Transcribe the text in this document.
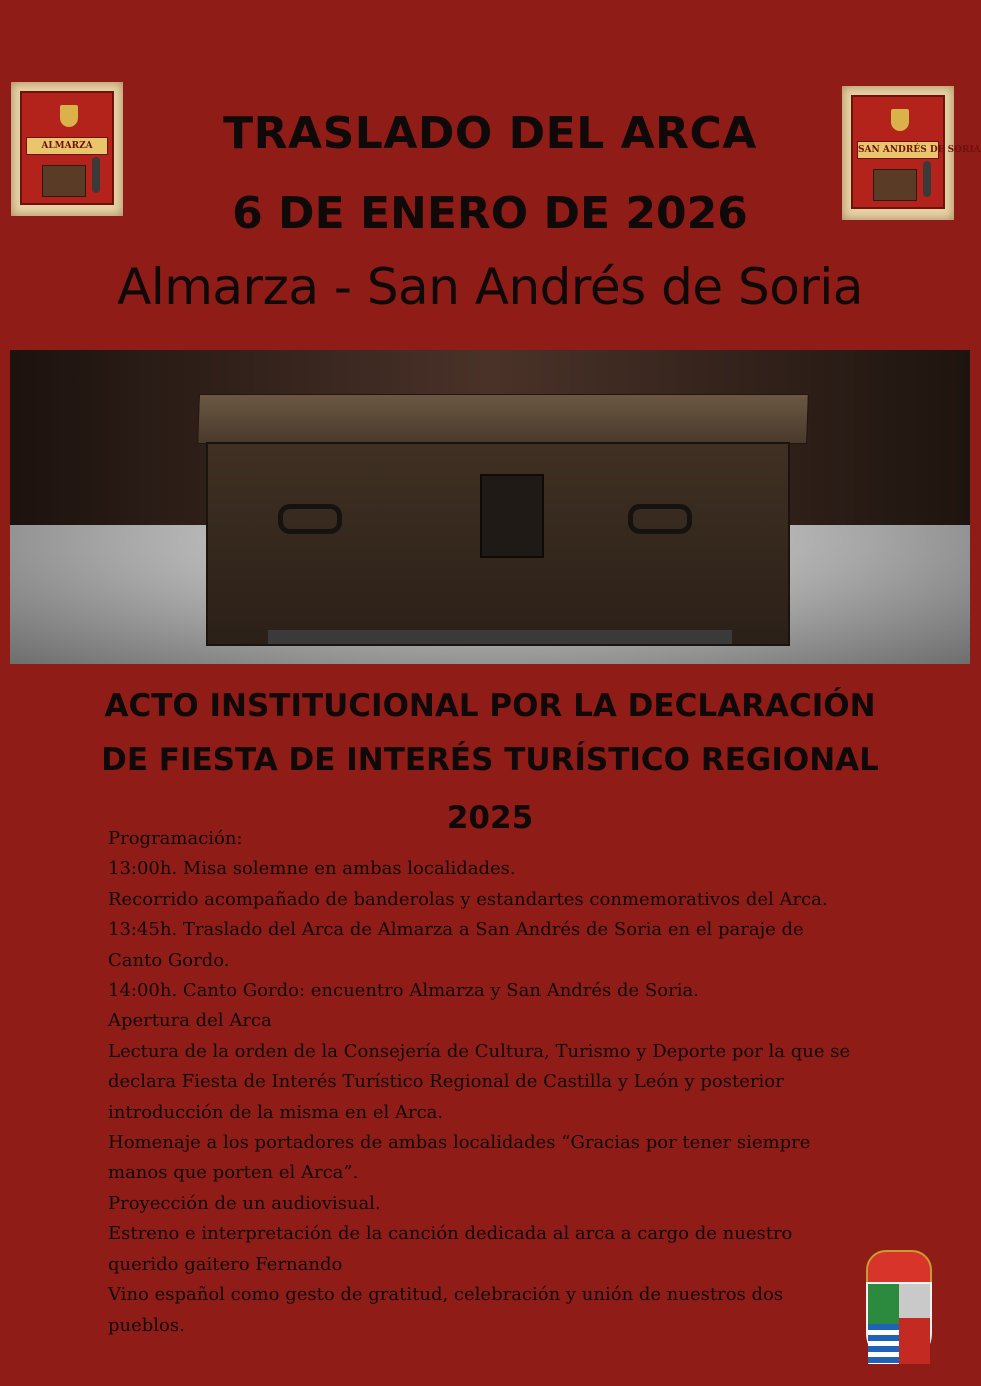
ALMARZA	SAN ANDRÉS DE SORIA
TRASLADO DEL ARCA
6 DE ENERO DE 2026
Almarza - San Andrés de Soria
ACTO INSTITUCIONAL POR LA DECLARACIÓN
DE FIESTA DE INTERÉS TURÍSTICO REGIONAL
2025
Programación:
13:00h. Misa solemne en ambas localidades.
Recorrido acompañado de banderolas y estandartes conmemorativos del Arca.
13:45h. Traslado del Arca de Almarza a San Andrés de Soria en el paraje de Canto Gordo.
14:00h. Canto Gordo: encuentro Almarza y San Andrés de Soria.
Apertura del Arca
Lectura de la orden de la Consejería de Cultura, Turismo y Deporte por la que se declara Fiesta de Interés Turístico Regional de Castilla y León y posterior introducción de la misma en el Arca.
Homenaje a los portadores de ambas localidades “Gracias por tener siempre manos que porten el Arca”.
Proyección de un audiovisual.
Estreno e interpretación de la canción dedicada al arca a cargo de nuestro querido gaitero Fernando
Vino español como gesto de gratitud, celebración y unión de nuestros dos pueblos.
